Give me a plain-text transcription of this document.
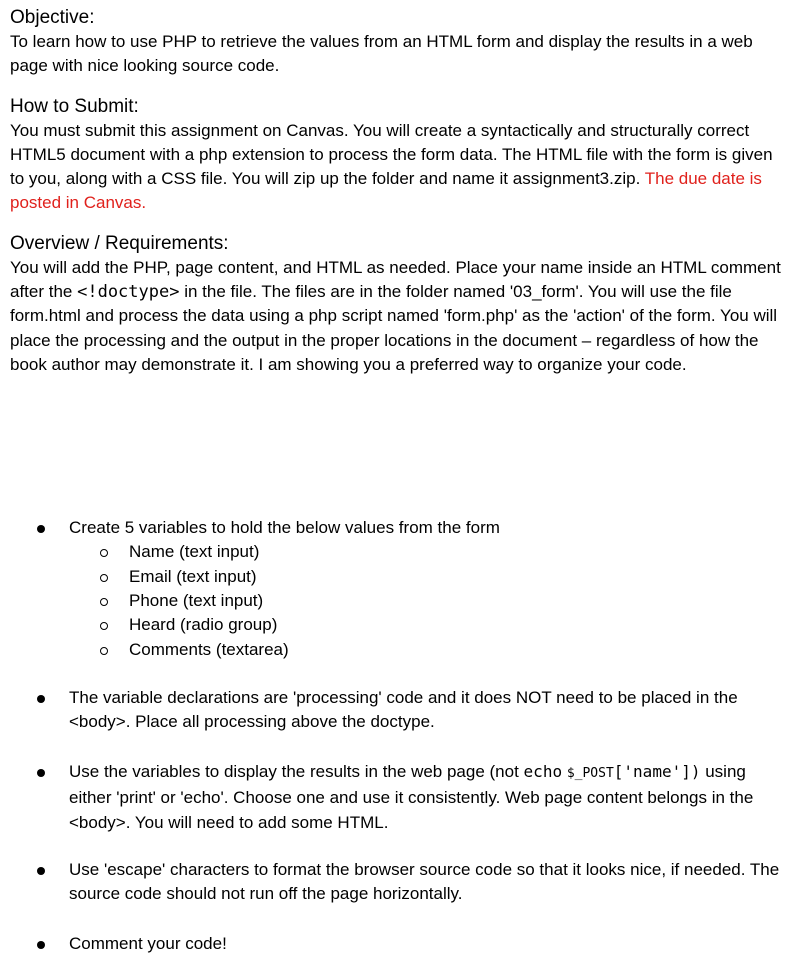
Objective:

To learn how to use PHP to retrieve the values from an HTML form and display the results in a web page with nice looking source code.

How to Submit:

You must submit this assignment on Canvas. You will create a syntactically and structurally correct HTML5 document with a php extension to process the form data. The HTML file with the form is given to you, along with a CSS file. You will zip up the folder and name it assignment3.zip. The due date is posted in Canvas.

Overview / Requirements:

You will add the PHP, page content, and HTML as needed. Place your name inside an HTML comment after the <!doctype> in the file. The files are in the folder named '03_form'. You will use the file form.html and process the data using a php script named 'form.php' as the 'action' of the form. You will place the processing and the output in the proper locations in the document – regardless of how the book author may demonstrate it. I am showing you a preferred way to organize your code.

Create 5 variables to hold the below values from the form
Name (text input)
Email (text input)
Phone (text input)
Heard (radio group)
Comments (textarea)
The variable declarations are 'processing' code and it does NOT need to be placed in the <body>. Place all processing above the doctype.
Use the variables to display the results in the web page (not echo $_POST['name']) using either 'print' or 'echo'. Choose one and use it consistently. Web page content belongs in the <body>. You will need to add some HTML.
Use 'escape' characters to format the browser source code so that it looks nice, if needed. The source code should not run off the page horizontally.
Comment your code!
